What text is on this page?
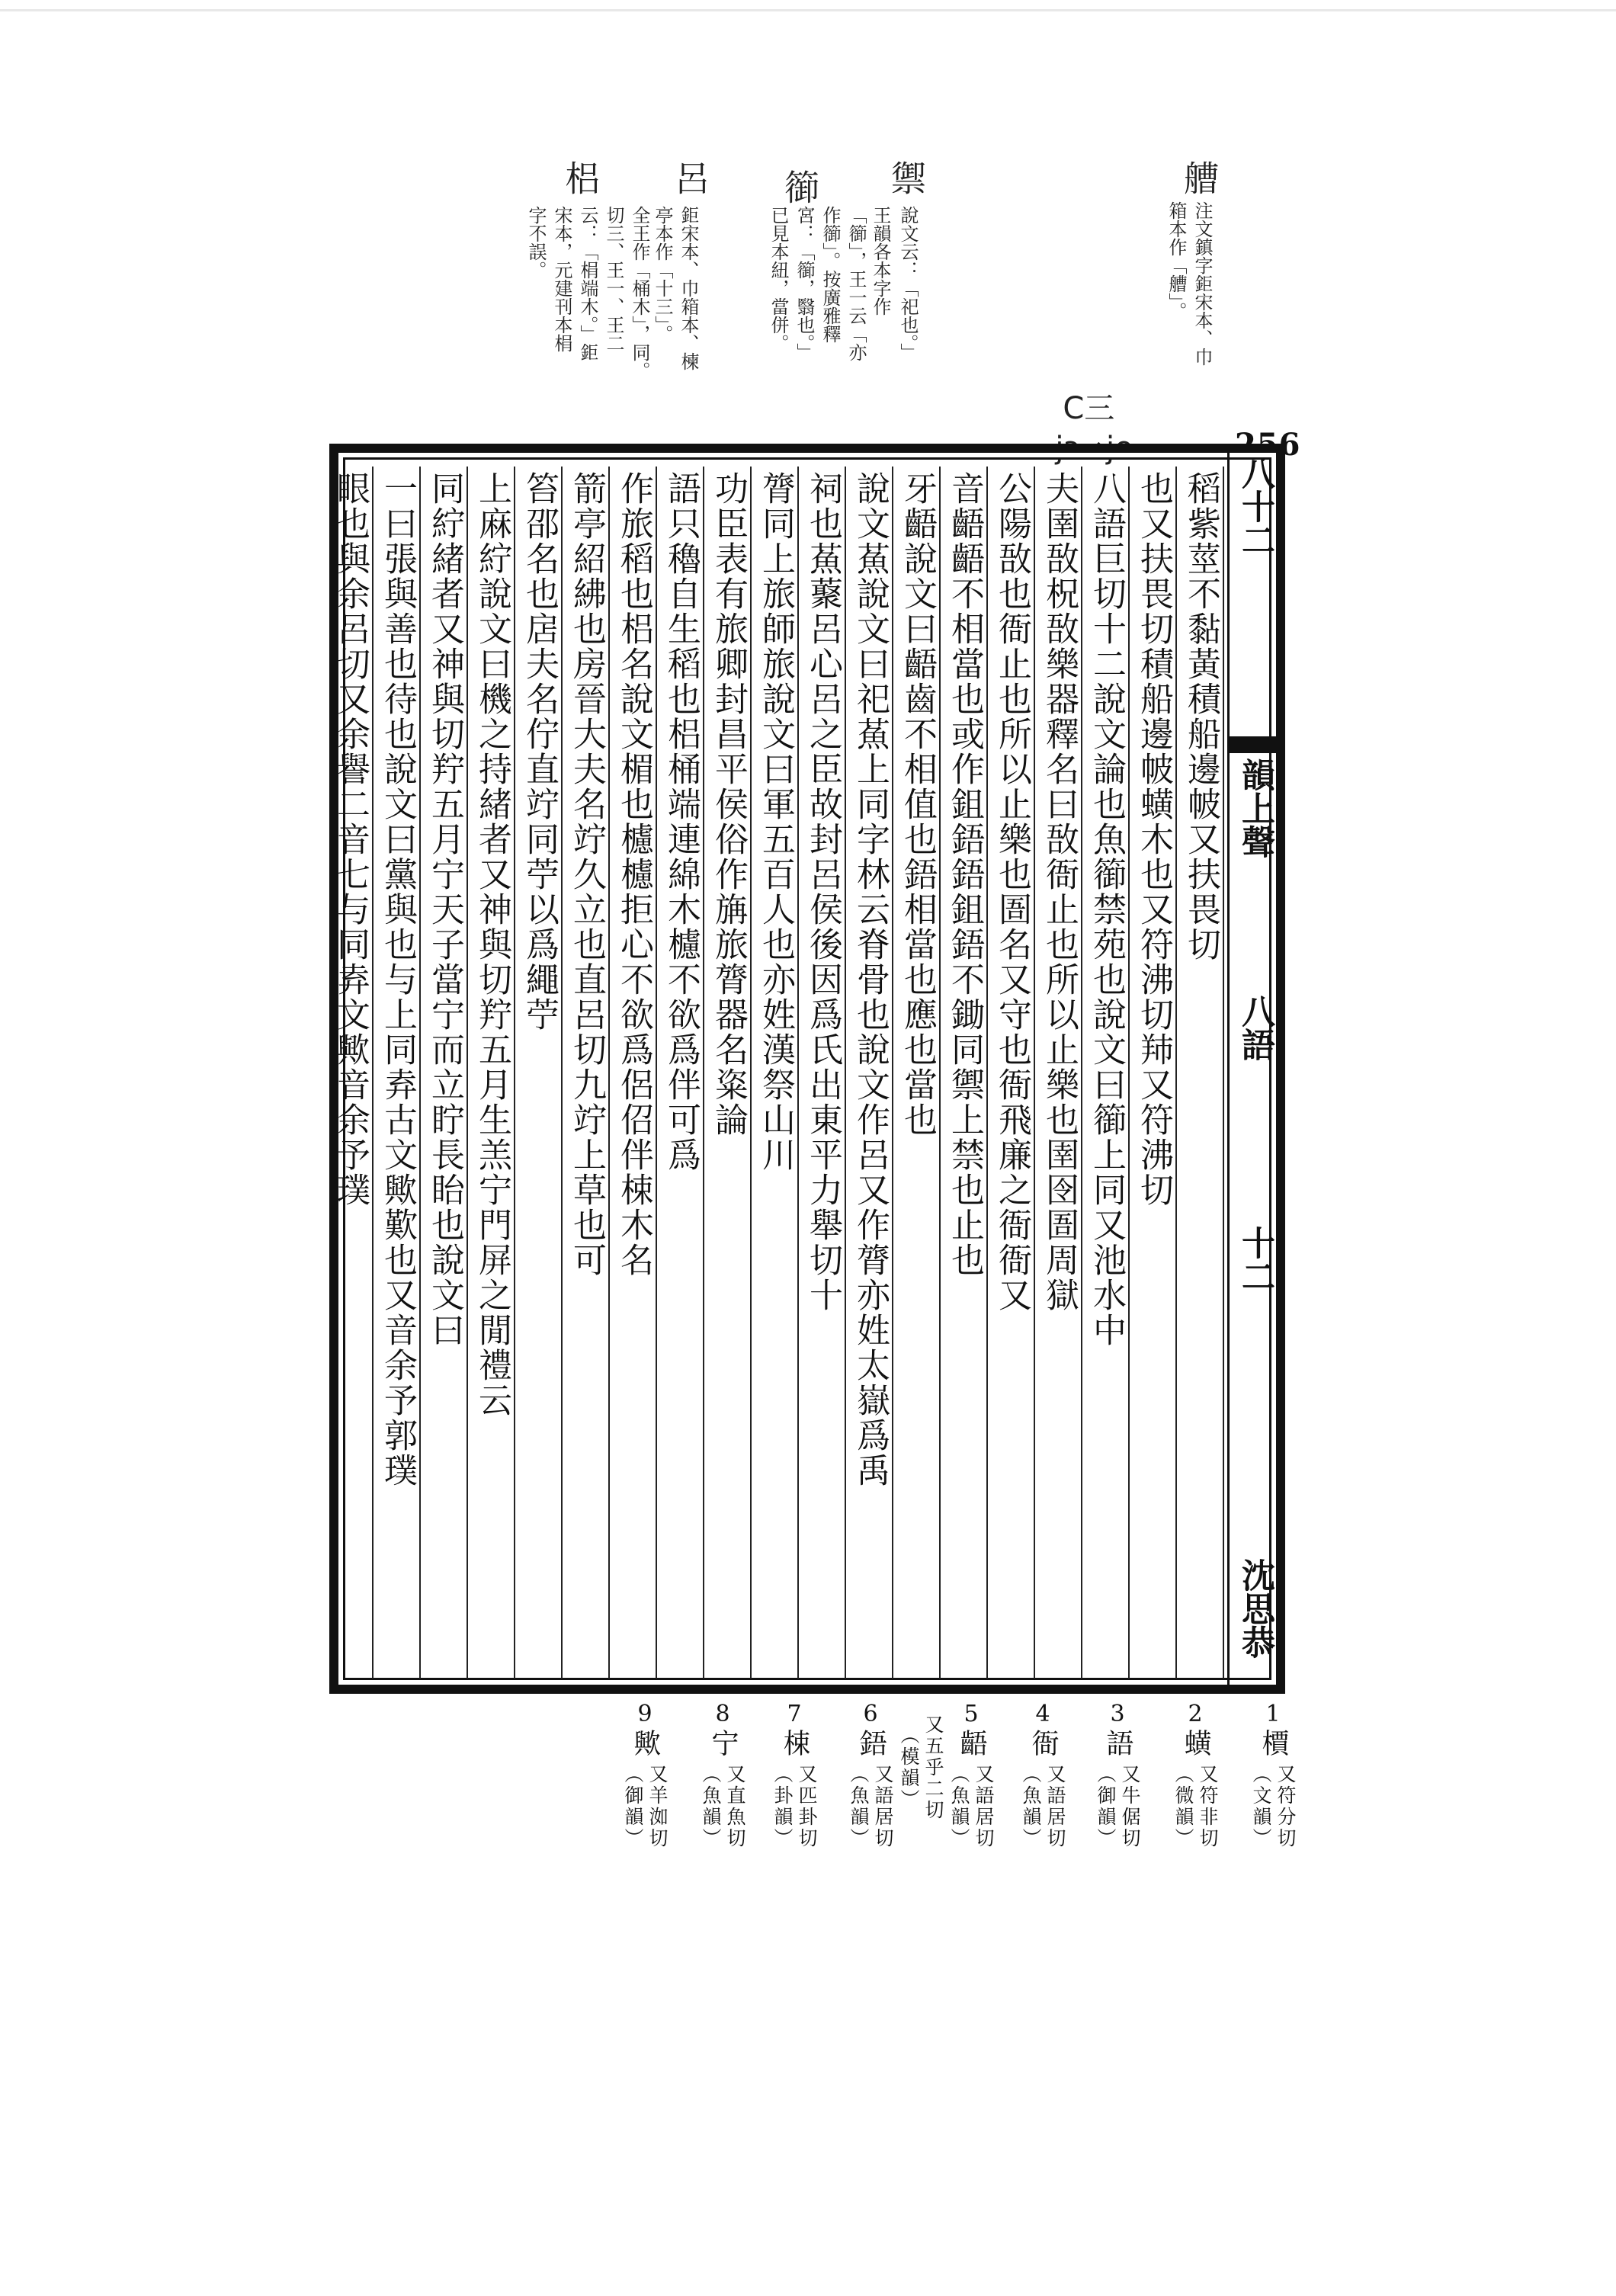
艚
注文鎮字鉅宋本、巾
箱本作「艚」。
禦
說文云：「祀也。」
王韻各本字作
「篽」，王一云「亦
作篽」。按廣雅釋
宮：「篽，翳也。」
已見本紐，當併。
篽
呂
鉅宋本、巾箱本、楝
亭本作「十三」。
梠
全王作「桶木」，同。
切三、王一、王二
云：「梋端木。」鉅
宋本，元建刊本梋
字不誤。
C三
-jɔ→jo	256
八十二
韻上聲
八語
十二
沈思恭
稻紫莖不黏黃積船邊帔又扶畏切
也又扶畏切積船邊帔蟥木也又符沸切䍨又符沸切
八語巨切十二說文論也魚篽禁苑也說文曰篽上同又池水中
夫圉敔柷敔樂器釋名曰敔衙止也所以止樂也圉囹圄周獄
公陽敔也衙止也所以止樂也圄名又守也衙飛廉之衙衙又
音齬齬不相當也或作鉏鋙鋙鉏鋙不鋤同禦上禁也止也
牙齬說文曰齬齒不相值也鋙相當也應也當也
說文䔡說文曰祀䔡上同字林云脊骨也說文作呂又作膂亦姓太嶽爲禹
祠也䔡藂呂心呂之臣故封呂侯後因爲氏出東平力舉切十
膂同上旅師旅說文曰軍五百人也亦姓漢祭山川
功臣表有旅卿封昌平侯俗作㫋旅膂器名粢論
語只穭自生稻也梠桶端連綿木櫖不欲爲伴可爲
作旅稻也梠名說文楣也櫖櫖拒心不欲爲侶佋伴梀木名
箭亭紹紼也房晉大夫名竚久立也直呂切九竚上草也可
笞邵名也扂夫名佇直竚同苧以爲繩苧
上麻紵說文曰機之持緒者又神與切羜五月生羔宁門屏之閒禮云
同紵緒者又神與切羜五月宁天子當宁而立眝長眙也說文曰
一曰張與善也待也說文曰黨與也与上同弆古文歟歎也又音余予郭璞
眼也與余呂切又余譽二音七与同弆文歟音余予璞
1
檟
又符分切
（文韻）
2
蟥
又符非切
（微韻）
3
語
又牛倨切
（御韻）
4
衙
又語居切
（魚韻）
5
齬
又語居切
（魚韻）
又五乎二切
（模韻）
6
鋙
又語居切
（魚韻）
7
梀
又匹卦切
（卦韻）
8
宁
又直魚切
（魚韻）
9
歟
又羊洳切
（御韻）
